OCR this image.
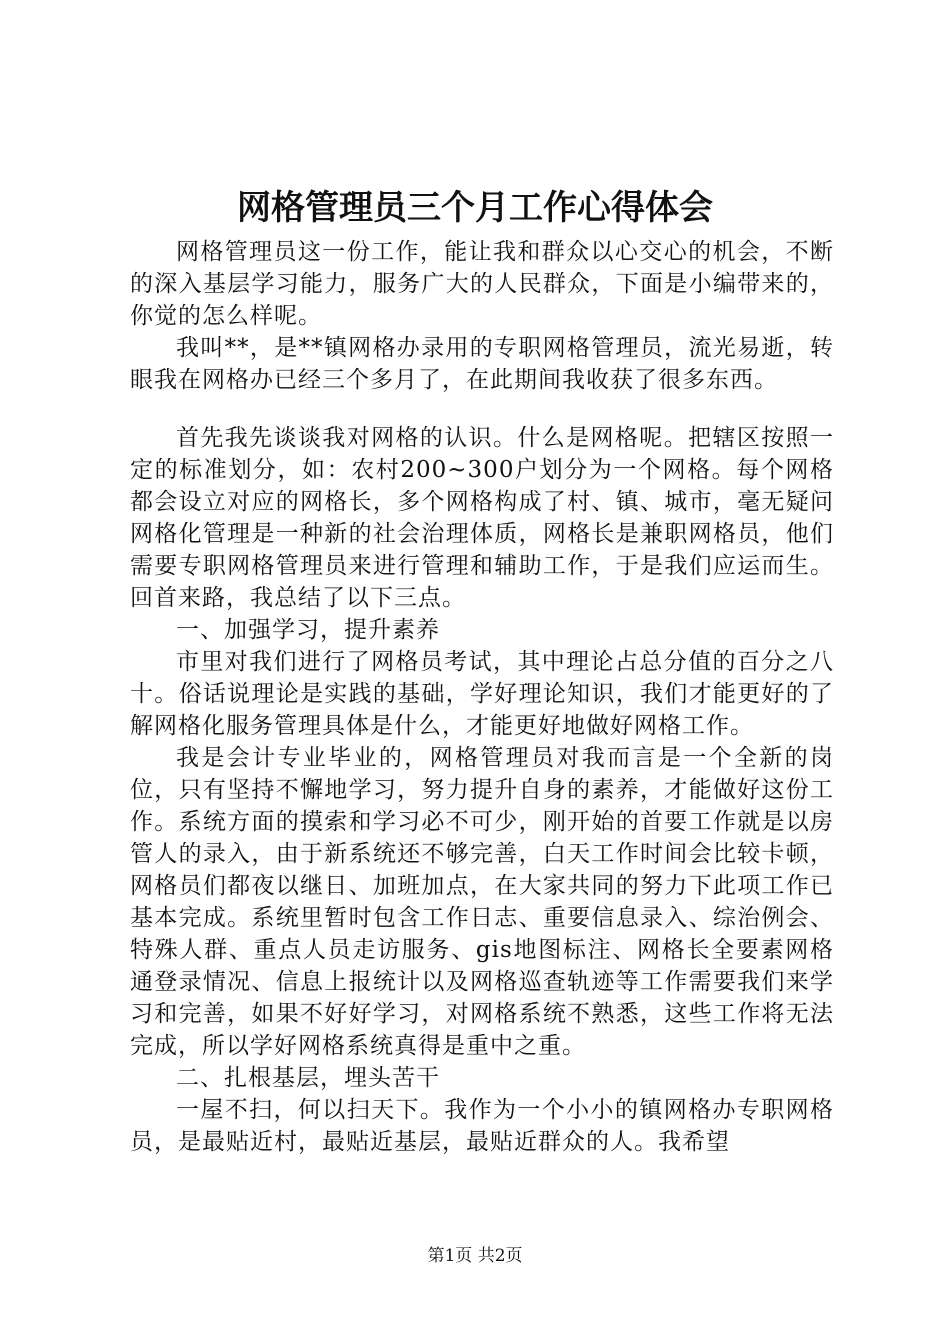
网格管理员三个月工作心得体会

网格管理员这一份工作，能让我和群众以心交心的机会，不断的深入基层学习能力，服务广大的人民群众，下面是小编带来的，你觉的怎么样呢。

我叫**，是**镇网格办录用的专职网格管理员，流光易逝，转眼我在网格办已经三个多月了，在此期间我收获了很多东西。

首先我先谈谈我对网格的认识。什么是网格呢。把辖区按照一定的标准划分，如：农村200~300户划分为一个网格。每个网格都会设立对应的网格长，多个网格构成了村、镇、城市，毫无疑问网格化管理是一种新的社会治理体质，网格长是兼职网格员，他们需要专职网格管理员来进行管理和辅助工作，于是我们应运而生。回首来路，我总结了以下三点。

一、加强学习，提升素养

市里对我们进行了网格员考试，其中理论占总分值的百分之八十。俗话说理论是实践的基础，学好理论知识，我们才能更好的了解网格化服务管理具体是什么，才能更好地做好网格工作。

我是会计专业毕业的，网格管理员对我而言是一个全新的岗位，只有坚持不懈地学习，努力提升自身的素养，才能做好这份工作。系统方面的摸索和学习必不可少，刚开始的首要工作就是以房管人的录入，由于新系统还不够完善，白天工作时间会比较卡顿，网格员们都夜以继日、加班加点，在大家共同的努力下此项工作已基本完成。系统里暂时包含工作日志、重要信息录入、综治例会、特殊人群、重点人员走访服务、gis地图标注、网格长全要素网格通登录情况、信息上报统计以及网格巡查轨迹等工作需要我们来学习和完善，如果不好好学习，对网格系统不熟悉，这些工作将无法完成，所以学好网格系统真得是重中之重。

二、扎根基层，埋头苦干

一屋不扫，何以扫天下。我作为一个小小的镇网格办专职网格员，是最贴近村，最贴近基层，最贴近群众的人。我希望

第1页 共2页
